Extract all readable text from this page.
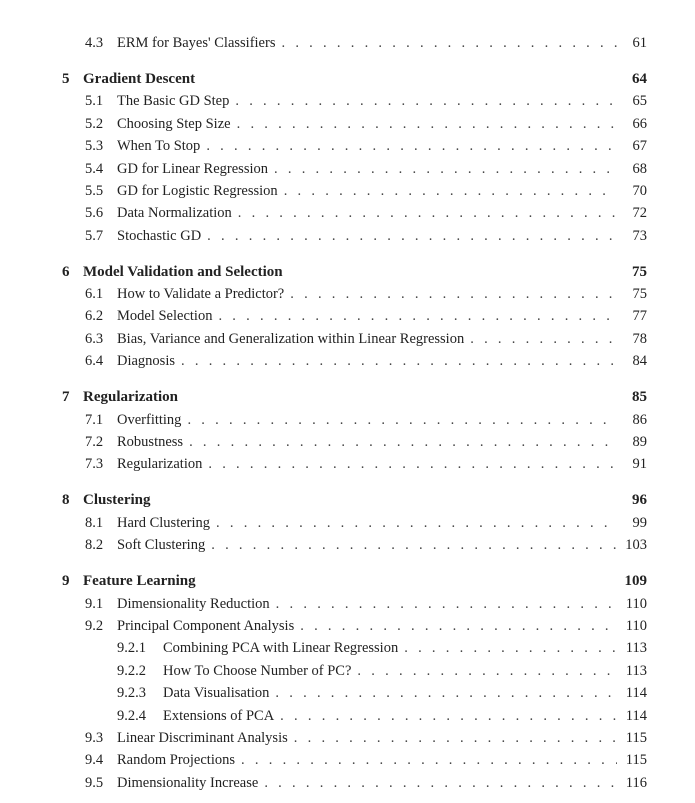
4.3 ERM for Bayes' Classifiers . . .	61
5 Gradient Descent	64
5.1 The Basic GD Step . . .	65
5.2 Choosing Step Size . . .	66
5.3 When To Stop . . .	67
5.4 GD for Linear Regression . . .	68
5.5 GD for Logistic Regression . . .	70
5.6 Data Normalization . . .	72
5.7 Stochastic GD . . .	73
6 Model Validation and Selection	75
6.1 How to Validate a Predictor? . . .	75
6.2 Model Selection . . .	77
6.3 Bias, Variance and Generalization within Linear Regression . . .	78
6.4 Diagnosis . . .	84
7 Regularization	85
7.1 Overfitting . . .	86
7.2 Robustness . . .	89
7.3 Regularization . . .	91
8 Clustering	96
8.1 Hard Clustering . . .	99
8.2 Soft Clustering . . .	103
9 Feature Learning	109
9.1 Dimensionality Reduction . . .	110
9.2 Principal Component Analysis . . .	110
9.2.1	Combining PCA with Linear Regression . . .	113
9.2.2	How To Choose Number of PC? . . .	113
9.2.3	Data Visualisation . . .	114
9.2.4	Extensions of PCA . . .	114
9.3 Linear Discriminant Analysis . . .	115
9.4 Random Projections . . .	115
9.5 Dimensionality Increase . . .	116
